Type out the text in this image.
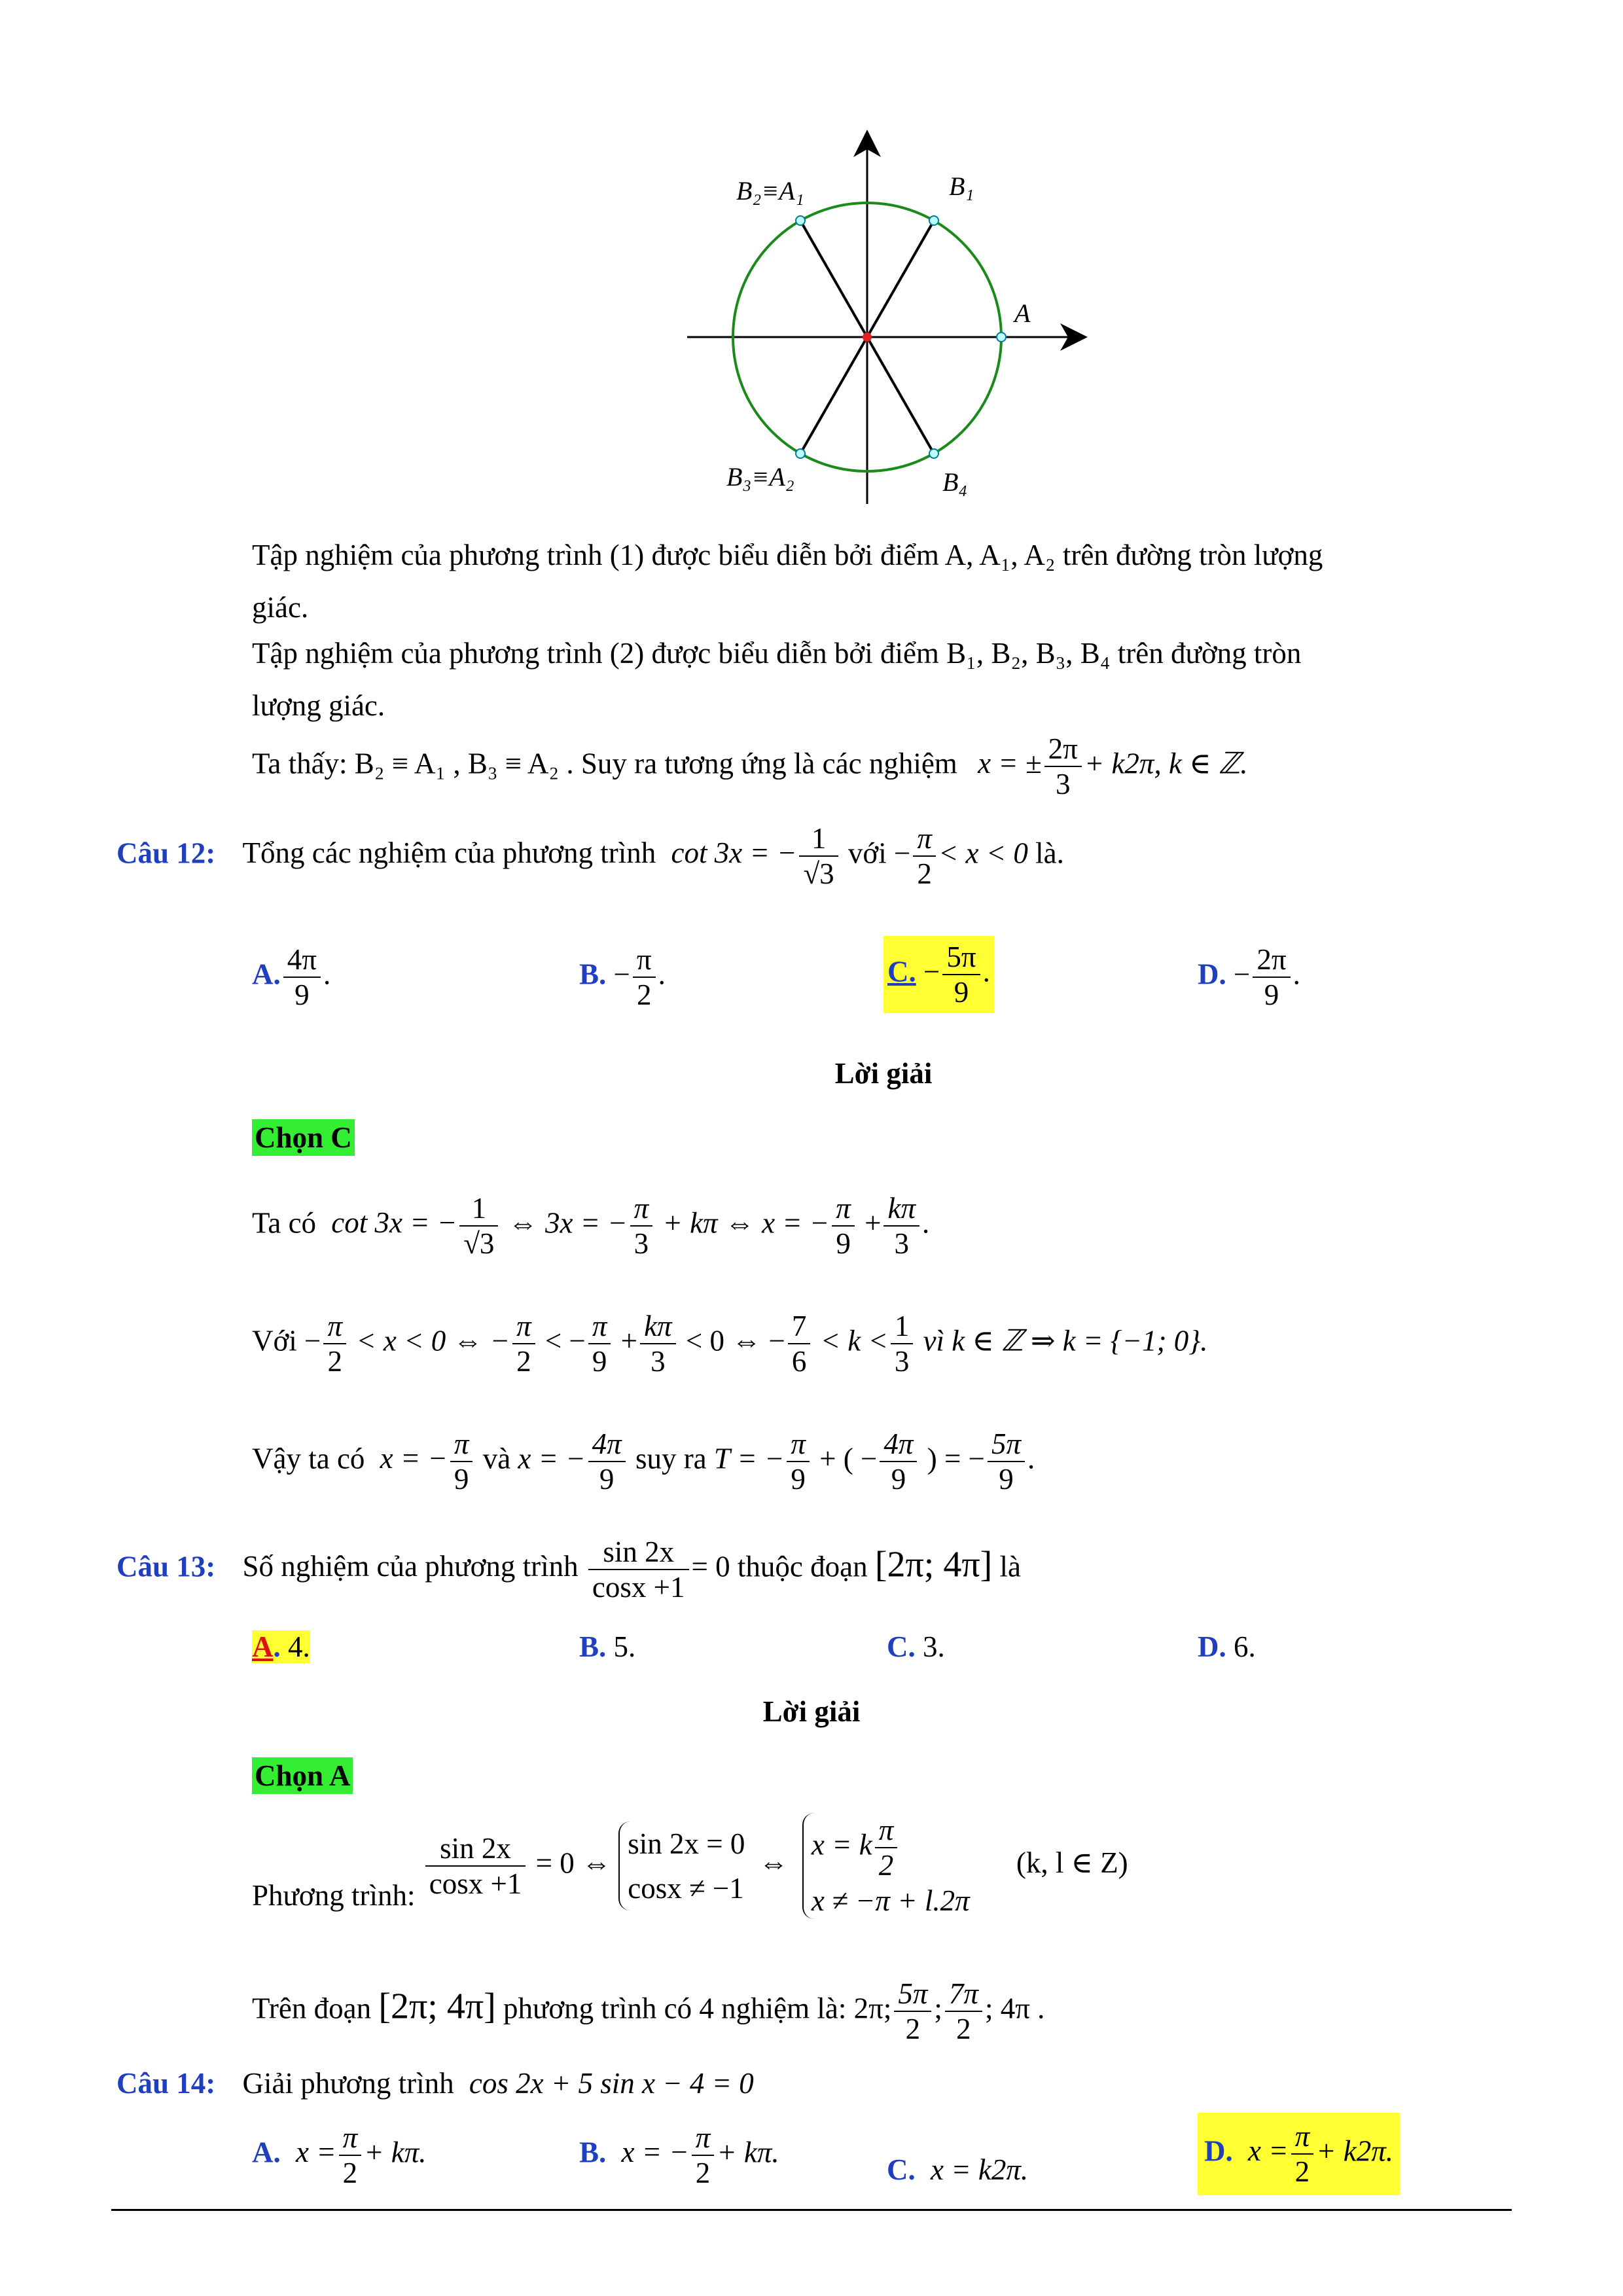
B₂≡A₁	B₁
A
B₃≡A₂	B₄
Tập nghiệm của phương trình (1) được biểu diễn bởi điểm A, A₁, A₂ trên đường tròn lượng
giác.
Tập nghiệm của phương trình (2) được biểu diễn bởi điểm B₁, B₂, B₃, B₄ trên đường tròn
lượng giác.
Ta thấy: B₂ ≡ A₁ , B₃ ≡ A₂ . Suy ra tương ứng là các nghiệm x = ± $\frac{2\pi}{3} + k2\pi$, k ∈ ℤ.
Câu 12: Tổng các nghiệm của phương trình cot 3x = − $\frac{1}{√3}$ với − $\frac{\pi}{2} < x < 0$ là.
A. $\frac{4\pi}{9}$ .	B. − $\frac{\pi}{2}$ .	C. − $\frac{5\pi}{9}$ .	D. − $\frac{2\pi}{9}$ .
Lời giải
Chọn C
Ta có cot 3x = − $\frac{1}{√3}$ ⇔ 3x = − $\frac{\pi}{3} + k\pi$ ⇔ x = − $\frac{\pi}{9} + \frac{k\pi}{3}$ .
Với − $\frac{\pi}{2} < x < 0$ ⇔ − $\frac{\pi}{2}$ < − $\frac{\pi}{9} + \frac{k\pi}{3} < 0$ ⇔ − $\frac{7}{6} < k < \frac{1}{3}$ vì k ∈ ℤ ⇒ k = {−1; 0}.
Vậy ta có x = − $\frac{\pi}{9}$ và x = − $\frac{4\pi}{9}$ suy ra T = − $\frac{\pi}{9}$ + ( − $\frac{4\pi}{9}$ ) = − $\frac{5\pi}{9}$ .
Câu 13: Số nghiệm của phương trình $\frac{\sin 2x}{\cos x +1} = 0$ thuộc đoạn [2π; 4π] là
A. 4.	B. 5.	C. 3.	D. 6.
Lời giải
Chọn A
Phương trình: $\frac{\sin 2x}{\cos x +1} = 0$ ⇔
sin 2x = 0
cosx ≠ −1
⇔
x = k $\frac{\pi}{2}$
x ≠ −π + l.2π
(k, l ∈ Z)
Trên đoạn [2π; 4π] phương trình có 4 nghiệm là: 2π; $\frac{5\pi}{2}$ ; $\frac{7\pi}{2}$ ; 4π .
Câu 14: Giải phương trình cos 2x + 5 sin x − 4 = 0
A. $x = \frac{\pi}{2} + k\pi$.	B. x = − $\frac{\pi}{2} + k\pi$.
C. x = k2π.
D. $x = \frac{\pi}{2} + k2\pi$.
